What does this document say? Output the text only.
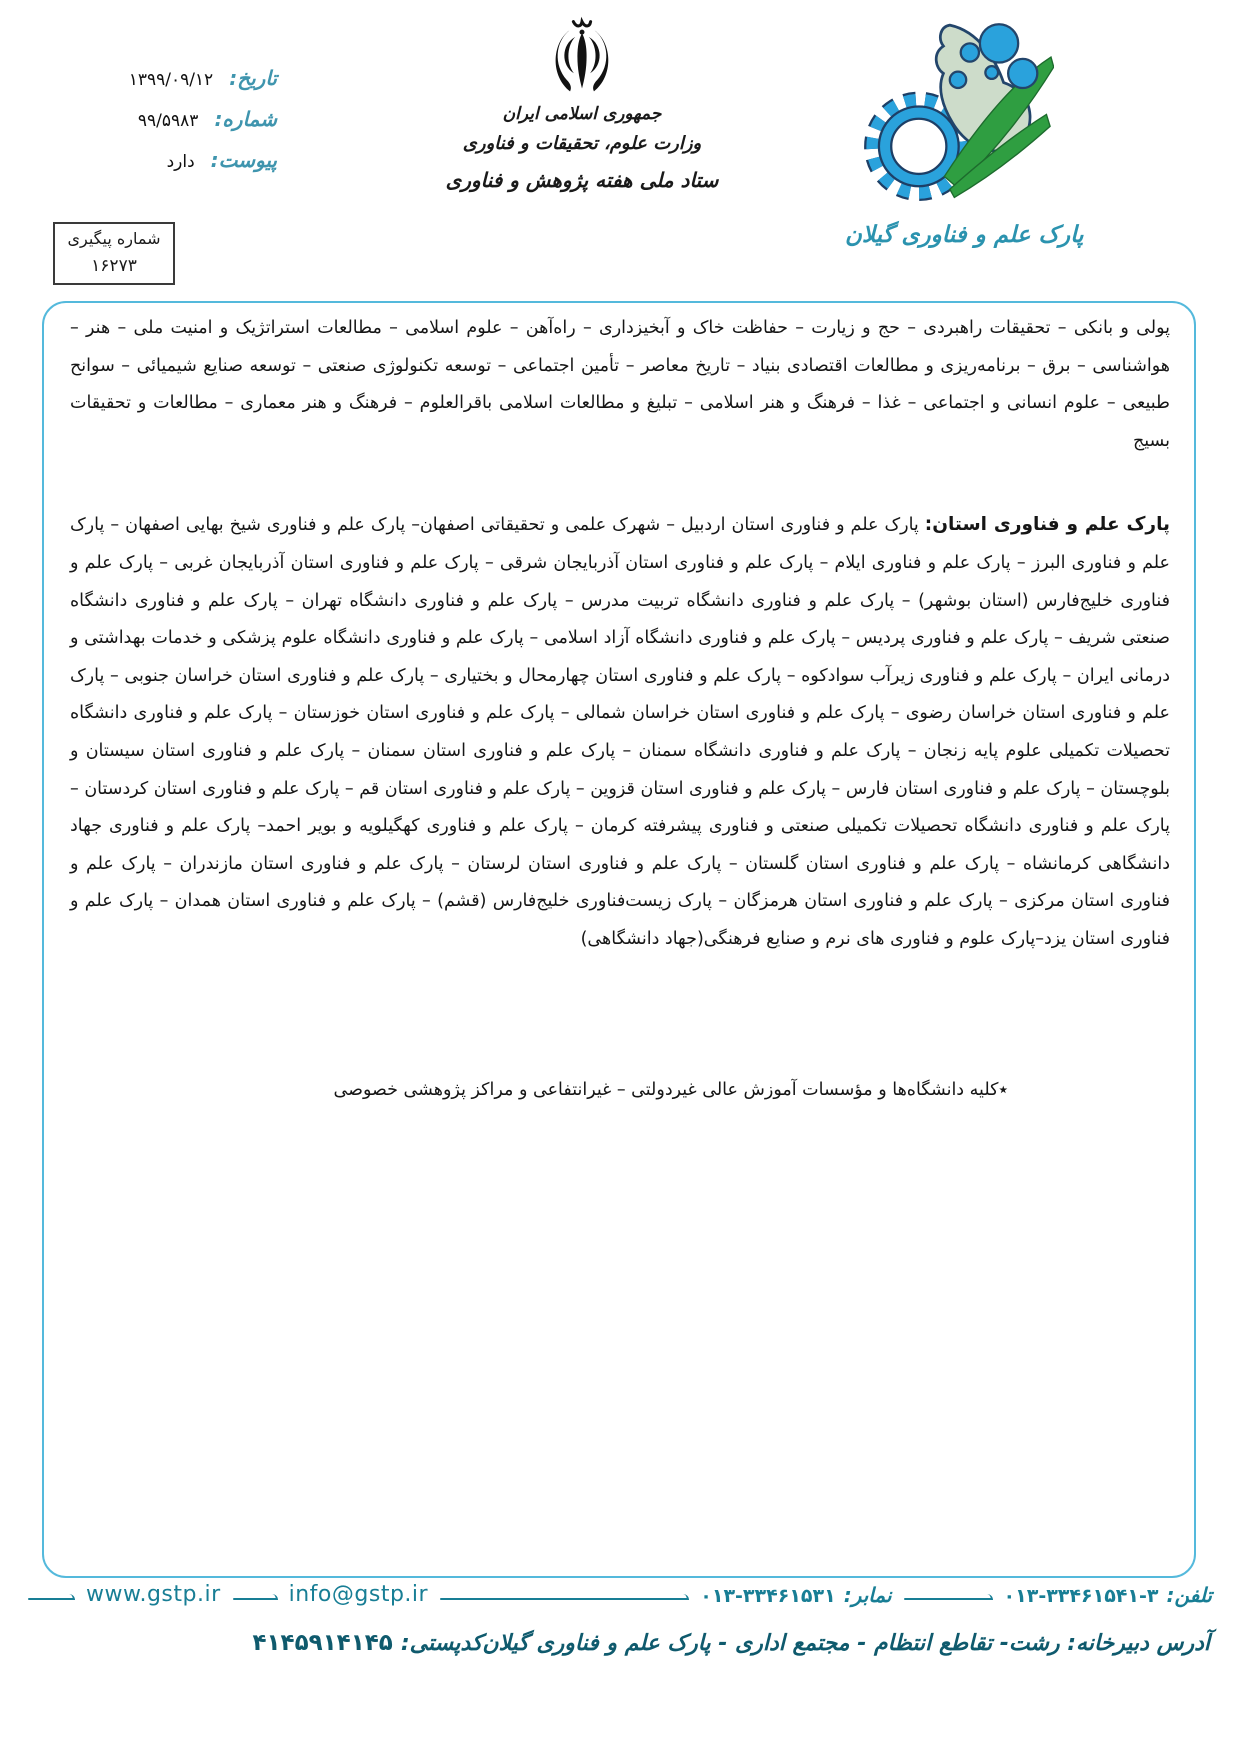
تاریخ:
۱۳۹۹/۰۹/۱۲
شماره:
۹۹/۵۹۸۳
پیوست:
دارد
شماره پیگیری
۱۶۲۷۳
جمهوری اسلامی ایران
وزارت علوم، تحقیقات و فناوری
ستاد ملی هفته پژوهش و فناوری
پارک علم و فناوری گیلان

پولی و بانکی – تحقیقات راهبردی – حج و زیارت – حفاظت خاک و آبخیزداری – راه‌آهن – علوم اسلامی – مطالعات استراتژیک و امنیت ملی – هنر – هواشناسی – برق – برنامه‌ریزی و مطالعات اقتصادی بنیاد – تاریخ معاصر – تأمین اجتماعی – توسعه تکنولوژی صنعتی – توسعه صنایع شیمیائی – سوانح طبیعی – علوم انسانی و اجتماعی – غذا – فرهنگ و هنر اسلامی – تبلیغ و مطالعات اسلامی باقرالعلوم – فرهنگ و هنر معماری – مطالعات و تحقیقات بسیج

پارک علم و فناوری استان: پارک علم و فناوری استان اردبیل – شهرک علمی و تحقیقاتی اصفهان– پارک علم و فناوری شیخ بهایی اصفهان – پارک علم و فناوری البرز – پارک علم و فناوری ایلام – پارک علم و فناوری استان آذربایجان شرقی – پارک علم و فناوری استان آذربایجان غربی – پارک علم و فناوری خلیج‌فارس (استان بوشهر) – پارک علم و فناوری دانشگاه تربیت مدرس – پارک علم و فناوری دانشگاه تهران – پارک علم و فناوری دانشگاه صنعتی شریف – پارک علم و فناوری پردیس – پارک علم و فناوری دانشگاه آزاد اسلامی – پارک علم و فناوری دانشگاه علوم پزشکی و خدمات بهداشتی و درمانی ایران – پارک علم و فناوری زیرآب سوادکوه – پارک علم و فناوری استان چهارمحال و بختیاری – پارک علم و فناوری استان خراسان جنوبی – پارک علم و فناوری استان خراسان رضوی – پارک علم و فناوری استان خراسان شمالی – پارک علم و فناوری استان خوزستان – پارک علم و فناوری دانشگاه تحصیلات تکمیلی علوم پایه زنجان – پارک علم و فناوری دانشگاه سمنان – پارک علم و فناوری استان سمنان – پارک علم و فناوری استان سیستان و بلوچستان – پارک علم و فناوری استان فارس – پارک علم و فناوری استان قزوین – پارک علم و فناوری استان قم – پارک علم و فناوری استان کردستان – پارک علم و فناوری دانشگاه تحصیلات تکمیلی صنعتی و فناوری پیشرفته کرمان – پارک علم و فناوری کهگیلویه و بویر احمد– پارک علم و فناوری جهاد دانشگاهی کرمانشاه – پارک علم و فناوری استان گلستان – پارک علم و فناوری استان لرستان – پارک علم و فناوری استان مازندران – پارک علم و فناوری استان مرکزی – پارک علم و فناوری استان هرمزگان – پارک زیست‌فناوری خلیج‌فارس (قشم) – پارک علم و فناوری استان همدان – پارک علم و فناوری استان یزد–پارک علوم و فناوری های نرم و صنایع فرهنگی(جهاد دانشگاهی)

٭کلیه دانشگاه‌ها و مؤسسات آموزش عالی غیردولتی – غیرانتفاعی و مراکز پژوهشی خصوصی
تلفن:
۰۱۳-۳۳۴۶۱۵۴۱-۳
نمابر:
۰۱۳-۳۳۴۶۱۵۳۱
info@gstp.ir
www.gstp.ir
آدرس دبیرخانه: رشت- تقاطع انتظام - مجتمع اداری - پارک علم و فناوری گیلان
کدپستی:
۴۱۴۵۹۱۴۱۴۵
